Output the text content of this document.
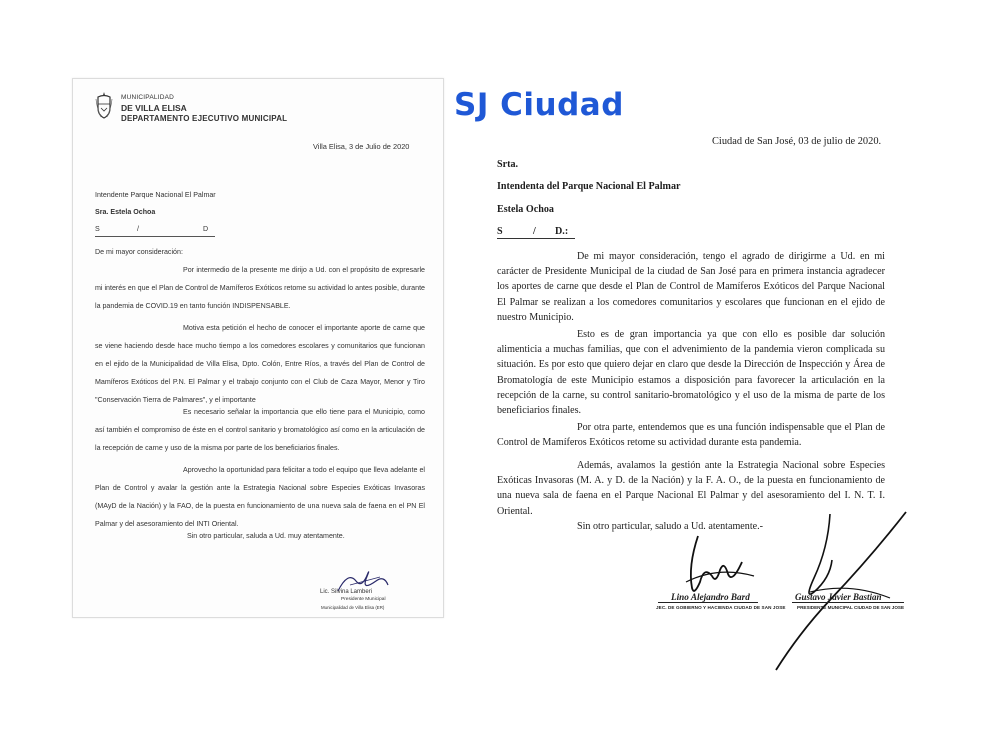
MUNICIPALIDAD
DE VILLA ELISA
DEPARTAMENTO EJECUTIVO MUNICIPAL
Villa Elisa, 3 de Julio de 2020
Intendente Parque Nacional El Palmar
Sra. Estela Ochoa
S	/	D
De mi mayor consideración:

Por intermedio de la presente me dirijo a Ud. con el propósito de expresarle mi interés en que el Plan de Control de Mamíferos Exóticos retome su actividad lo antes posible, durante la pandemia de COVID.19 en tanto función INDISPENSABLE.

Motiva esta petición el hecho de conocer el importante aporte de carne que se viene haciendo desde hace mucho tiempo a los comedores escolares y comunitarios que funcionan en el ejido de la Municipalidad de Villa Elisa, Dpto. Colón, Entre Ríos, a través del Plan de Control de Mamíferos Exóticos del P.N. El Palmar y el trabajo conjunto con el Club de Caza Mayor, Menor y Tiro "Conservación Tierra de Palmares", y el importante

Es necesario señalar la importancia que ello tiene para el Municipio, como así también el compromiso de éste en el control sanitario y bromatológico así como en la articulación de la recepción de carne y uso de la misma por parte de los beneficiarios finales.

Aprovecho la oportunidad para felicitar a todo el equipo que lleva adelante el Plan de Control y avalar la gestión ante la Estrategia Nacional sobre Especies Exóticas Invasoras (MAyD de la Nación) y la FAO, de la puesta en funcionamiento de una nueva sala de faena en el PN El Palmar y del asesoramiento del INTI Oriental.

Sin otro particular, saluda a Ud. muy atentamente.
Lic. Silvina Lamberi
Presidente Municipal
Municipalidad de Villa Elisa (ER)
SJ Ciudad
Ciudad de San José, 03 de julio de 2020.
Srta.
Intendenta del Parque Nacional El Palmar
Estela Ochoa
S	/ D.:

De mi mayor consideración, tengo el agrado de dirigirme a Ud. en mi carácter de Presidente Municipal de la ciudad de San José para en primera instancia agradecer los aportes de carne que desde el Plan de Control de Mamíferos Exóticos del Parque Nacional El Palmar se realizan a los comedores comunitarios y escolares que funcionan en el ejido de nuestro Municipio.

Esto es de gran importancia ya que con ello es posible dar solución alimenticia a muchas familias, que con el advenimiento de la pandemia vieron complicada su situación. Es por esto que quiero dejar en claro que desde la Dirección de Inspección y Área de Bromatología de este Municipio estamos a disposición para favorecer la articulación en la recepción de la carne, su control sanitario-bromatológico y el uso de la misma de parte de los beneficiarios finales.

Por otra parte, entendemos que es una función indispensable que el Plan de Control de Mamíferos Exóticos retome su actividad durante esta pandemia.

Además, avalamos la gestión ante la Estrategia Nacional sobre Especies Exóticas Invasoras (M. A. y D. de la Nación) y la F. A. O., de la puesta en funcionamiento de una nueva sala de faena en el Parque Nacional El Palmar y del asesoramiento del I. N. T. I. Oriental.

Sin otro particular, saludo a Ud. atentamente.-
Lino Alejandro Bard
JEC. DE GOBIERNO Y HACIENDA CIUDAD DE SAN JOSE
Gustavo Javier Bastian
PRESIDENTE MUNICIPAL CIUDAD DE SAN JOSE
